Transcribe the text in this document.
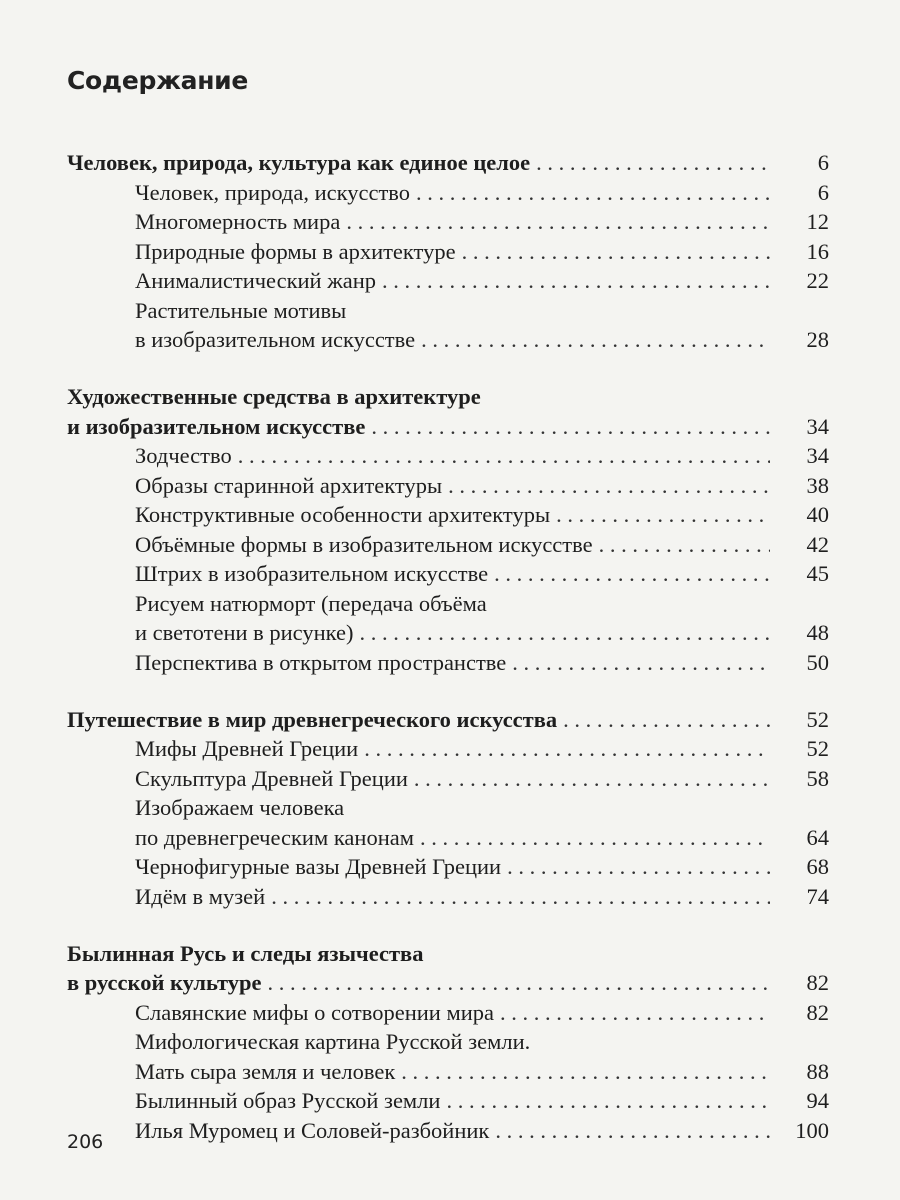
Содержание
Человек, природа, культура как единое целое . . .	6
Человек, природа, искусство . . .	6
Многомерность мира . . .	12
Природные формы в архитектуре . . .	16
Анималистический жанр . . .	22
Растительные мотивы
в изобразительном искусстве . . .	28
Художественные средства в архитектуре
и изобразительном искусстве . . .	34
Зодчество . . .	34
Образы старинной архитектуры . . .	38
Конструктивные особенности архитектуры . . .	40
Объёмные формы в изобразительном искусстве . . .	42
Штрих в изобразительном искусстве . . .	45
Рисуем натюрморт (передача объёма
и светотени в рисунке) . . .	48
Перспектива в открытом пространстве . . .	50
Путешествие в мир древнегреческого искусства . . .	52
Мифы Древней Греции . . .	52
Скульптура Древней Греции . . .	58
Изображаем человека
по древнегреческим канонам . . .	64
Чернофигурные вазы Древней Греции . . .	68
Идём в музей . . .	74
Былинная Русь и следы язычества
в русской культуре . . .	82
Славянские мифы о сотворении мира . . .	82
Мифологическая картина Русской земли.
Мать сыра земля и человек . . .	88
Былинный образ Русской земли . . .	94
Илья Муромец и Соловей-разбойник . . .	100
206
